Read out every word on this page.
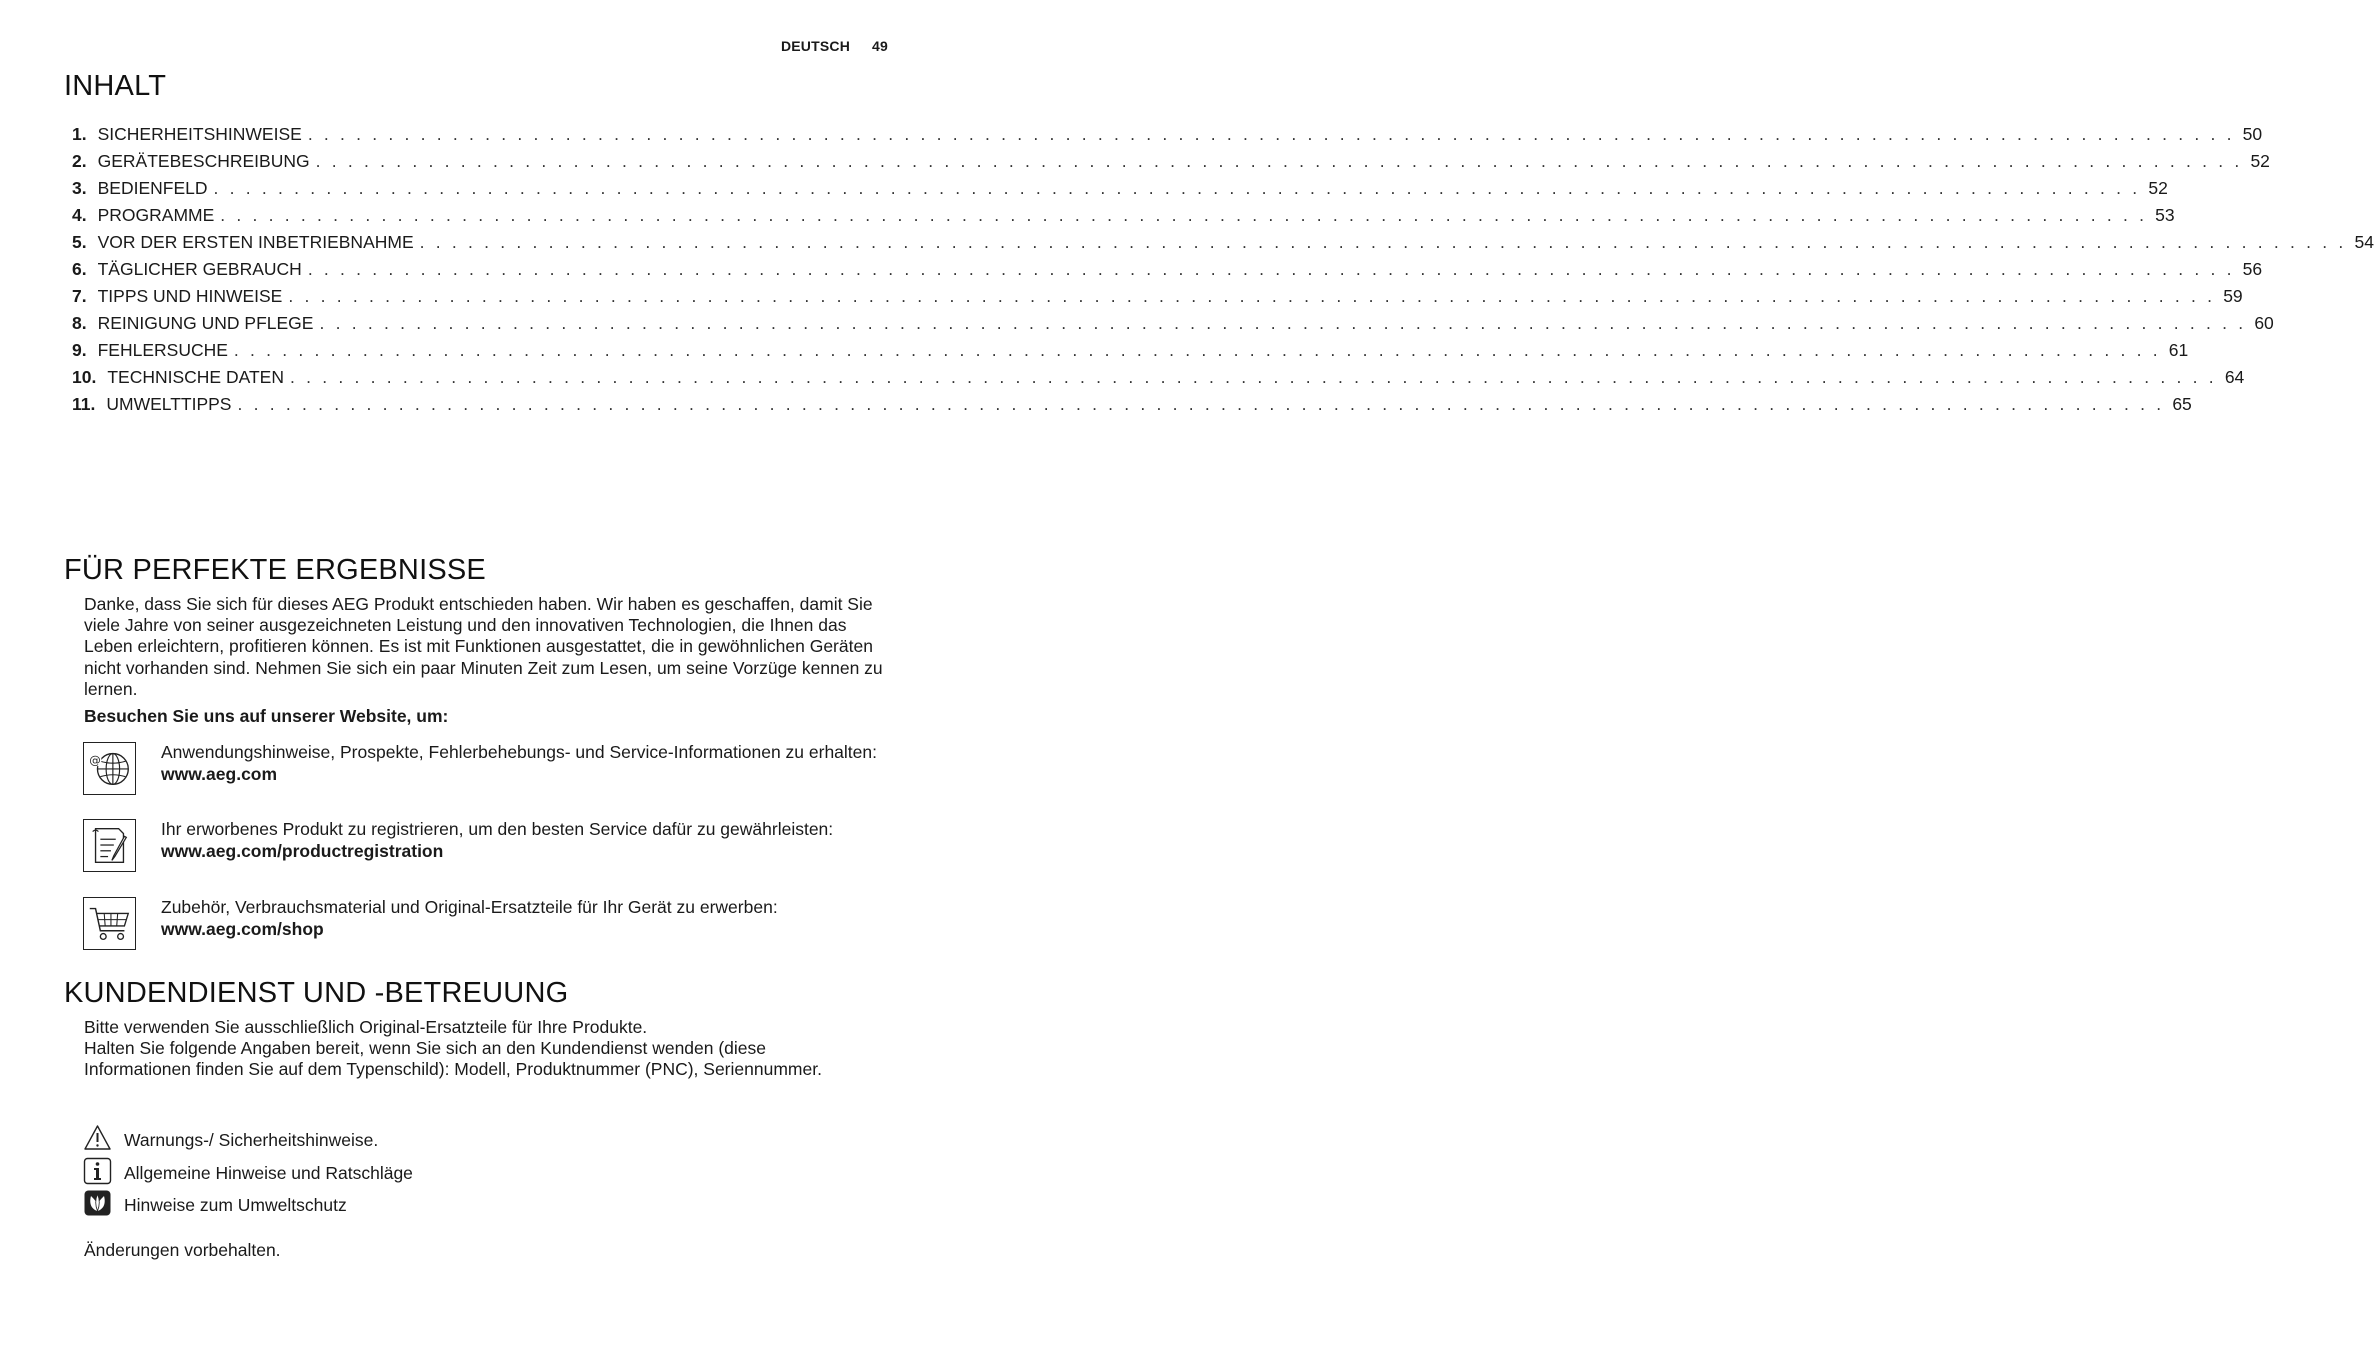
DEUTSCH 49
INHALT
1. SICHERHEITSHINWEISE . . . . . . . . . . . . . . . . . . . . . . . . . . . . . . . . . . . . . . . . . . . . . . . . . . . . . . . . . . . . . . . . . . . . . . . . . . . . . . . . . . . . . . . . . . . . . . . . . . . . . . . . . . . . . . . . . . . . . . . . 50
2. GERÄTEBESCHREIBUNG . . . . . . . . . . . . . . . . . . . . . . . . . . . . . . . . . . . . . . . . . . . . . . . . . . . . . . . . . . . . . . . . . . . . . . . . . . . . . . . . . . . . . . . . . . . . . . . . . . . . . . . . . . . . . . . . . . . . . . . . 52
3. BEDIENFELD . . . . . . . . . . . . . . . . . . . . . . . . . . . . . . . . . . . . . . . . . . . . . . . . . . . . . . . . . . . . . . . . . . . . . . . . . . . . . . . . . . . . . . . . . . . . . . . . . . . . . . . . . . . . . . . . . . . . . . . . 52
4. PROGRAMME . . . . . . . . . . . . . . . . . . . . . . . . . . . . . . . . . . . . . . . . . . . . . . . . . . . . . . . . . . . . . . . . . . . . . . . . . . . . . . . . . . . . . . . . . . . . . . . . . . . . . . . . . . . . . . . . . . . . . . . . 53
5. VOR DER ERSTEN INBETRIEBNAHME . . . . . . . . . . . . . . . . . . . . . . . . . . . . . . . . . . . . . . . . . . . . . . . . . . . . . . . . . . . . . . . . . . . . . . . . . . . . . . . . . . . . . . . . . . . . . . . . . . . . . . . . . . . . . . . . . . . . . . . . 54
6. TÄGLICHER GEBRAUCH . . . . . . . . . . . . . . . . . . . . . . . . . . . . . . . . . . . . . . . . . . . . . . . . . . . . . . . . . . . . . . . . . . . . . . . . . . . . . . . . . . . . . . . . . . . . . . . . . . . . . . . . . . . . . . . . . . . . . . . . 56
7. TIPPS UND HINWEISE . . . . . . . . . . . . . . . . . . . . . . . . . . . . . . . . . . . . . . . . . . . . . . . . . . . . . . . . . . . . . . . . . . . . . . . . . . . . . . . . . . . . . . . . . . . . . . . . . . . . . . . . . . . . . . . . . . . . . . . . 59
8. REINIGUNG UND PFLEGE . . . . . . . . . . . . . . . . . . . . . . . . . . . . . . . . . . . . . . . . . . . . . . . . . . . . . . . . . . . . . . . . . . . . . . . . . . . . . . . . . . . . . . . . . . . . . . . . . . . . . . . . . . . . . . . . . . . . . . . . 60
9. FEHLERSUCHE . . . . . . . . . . . . . . . . . . . . . . . . . . . . . . . . . . . . . . . . . . . . . . . . . . . . . . . . . . . . . . . . . . . . . . . . . . . . . . . . . . . . . . . . . . . . . . . . . . . . . . . . . . . . . . . . . . . . . . . . 61
10. TECHNISCHE DATEN . . . . . . . . . . . . . . . . . . . . . . . . . . . . . . . . . . . . . . . . . . . . . . . . . . . . . . . . . . . . . . . . . . . . . . . . . . . . . . . . . . . . . . . . . . . . . . . . . . . . . . . . . . . . . . . . . . . . . . . . 64
11. UMWELTTIPPS . . . . . . . . . . . . . . . . . . . . . . . . . . . . . . . . . . . . . . . . . . . . . . . . . . . . . . . . . . . . . . . . . . . . . . . . . . . . . . . . . . . . . . . . . . . . . . . . . . . . . . . . . . . . . . . . . . . . . . . . 65
FÜR PERFEKTE ERGEBNISSE

Danke, dass Sie sich für dieses AEG Produkt entschieden haben. Wir haben es geschaffen, damit Sie viele Jahre von seiner ausgezeichneten Leistung und den innovativen Technologien, die Ihnen das Leben erleichtern, profitieren können. Es ist mit Funktionen ausgestattet, die in gewöhnlichen Geräten nicht vorhanden sind. Nehmen Sie sich ein paar Minuten Zeit zum Lesen, um seine Vorzüge kennen zu lernen.

Besuchen Sie uns auf unserer Website, um:

@	Anwendungshinweise, Prospekte, Fehlerbehebungs- und Service-Informationen zu erhalten:
www.aeg.com
Ihr erworbenes Produkt zu registrieren, um den besten Service dafür zu gewährleisten:
www.aeg.com/productregistration
Zubehör, Verbrauchsmaterial und Original-Ersatzteile für Ihr Gerät zu erwerben:
www.aeg.com/shop
KUNDENDIENST UND -BETREUUNG
Bitte verwenden Sie ausschließlich Original-Ersatzteile für Ihre Produkte.
Halten Sie folgende Angaben bereit, wenn Sie sich an den Kundendienst wenden (diese Informationen finden Sie auf dem Typenschild): Modell, Produktnummer (PNC), Seriennummer.
Warnungs-/ Sicherheitshinweise.
Allgemeine Hinweise und Ratschläge
Hinweise zum Umweltschutz

Änderungen vorbehalten.
